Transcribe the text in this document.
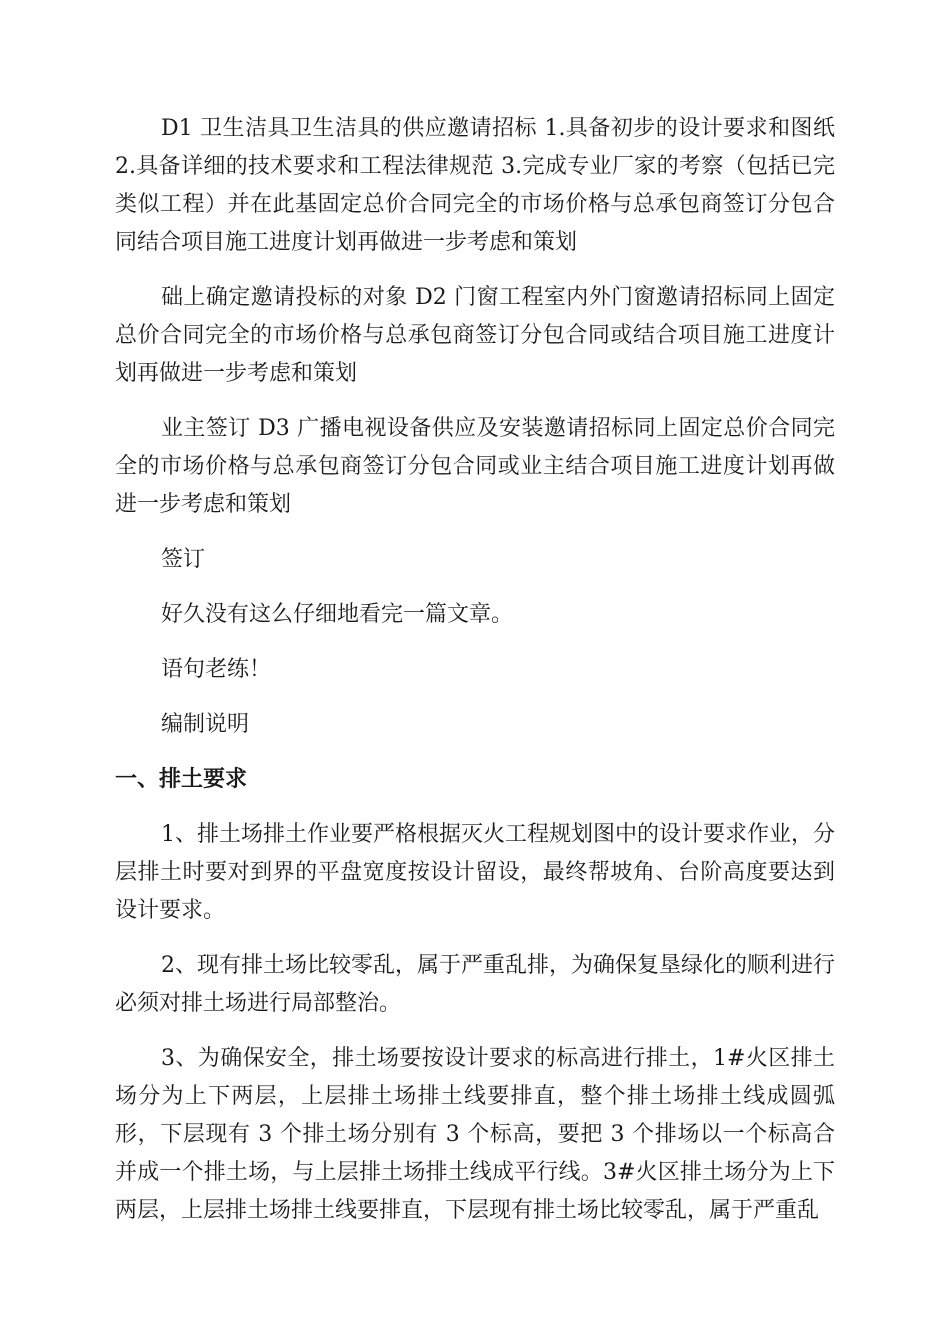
D1 卫生洁具卫生洁具的供应邀请招标 1.具备初步的设计要求和图纸 2.具备详细的技术要求和工程法律规范 3.完成专业厂家的考察（包括已完类似工程）并在此基固定总价合同完全的市场价格与总承包商签订分包合同结合项目施工进度计划再做进一步考虑和策划

础上确定邀请投标的对象 D2 门窗工程室内外门窗邀请招标同上固定总价合同完全的市场价格与总承包商签订分包合同或结合项目施工进度计划再做进一步考虑和策划

业主签订 D3 广播电视设备供应及安装邀请招标同上固定总价合同完全的市场价格与总承包商签订分包合同或业主结合项目施工进度计划再做进一步考虑和策划

签订

好久没有这么仔细地看完一篇文章。

语句老练！

编制说明

一、排土要求

1、排土场排土作业要严格根据灭火工程规划图中的设计要求作业，分层排土时要对到界的平盘宽度按设计留设，最终帮坡角、台阶高度要达到设计要求。

2、现有排土场比较零乱，属于严重乱排，为确保复垦绿化的顺利进行必须对排土场进行局部整治。

3、为确保安全，排土场要按设计要求的标高进行排土，1#火区排土场分为上下两层，上层排土场排土线要排直，整个排土场排土线成圆弧形，下层现有 3 个排土场分别有 3 个标高，要把 3 个排场以一个标高合并成一个排土场，与上层排土场排土线成平行线。3#火区排土场分为上下两层，上层排土场排土线要排直，下层现有排土场比较零乱，属于严重乱
